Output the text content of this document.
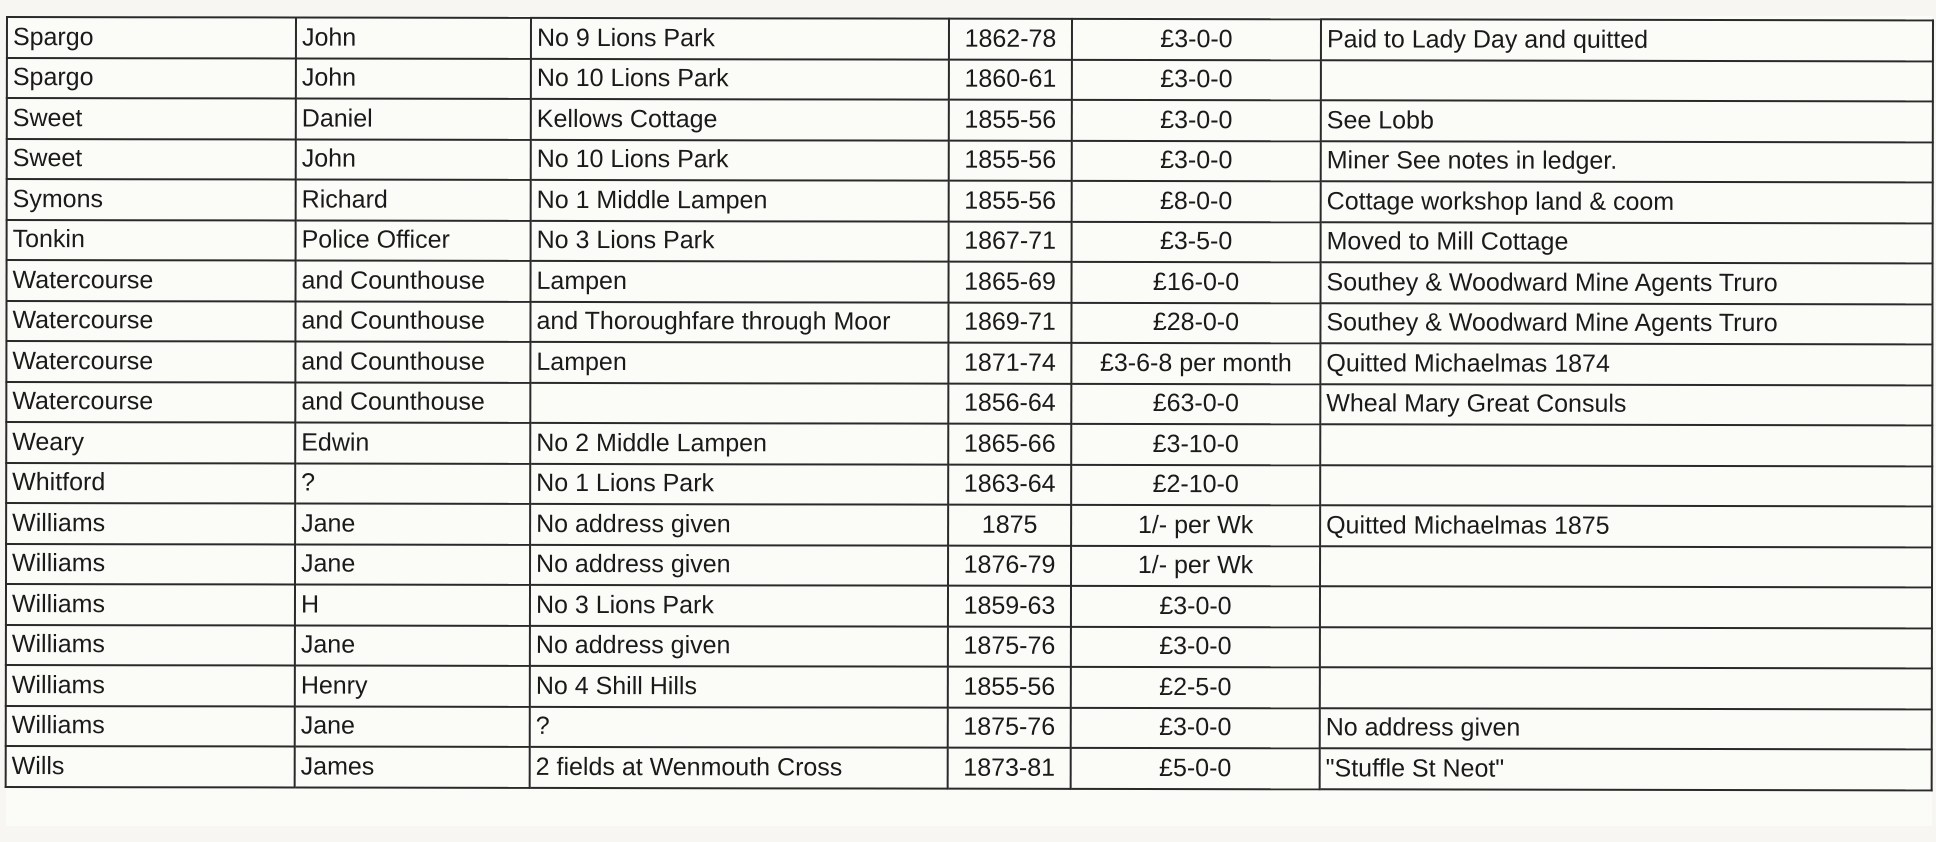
Spargo	John	No 9 Lions Park	1862-78	£3-0-0	Paid to Lady Day and quitted
Spargo	John	No 10 Lions Park	1860-61	£3-0-0	
Sweet	Daniel	Kellows Cottage	1855-56	£3-0-0	See Lobb
Sweet	John	No 10 Lions Park	1855-56	£3-0-0	Miner See notes in ledger.
Symons	Richard	No 1 Middle Lampen	1855-56	£8-0-0	Cottage workshop land & coom
Tonkin	Police Officer	No 3 Lions Park	1867-71	£3-5-0	Moved to Mill Cottage
Watercourse	and Counthouse	Lampen	1865-69	£16-0-0	Southey & Woodward Mine Agents Truro
Watercourse	and Counthouse	and Thoroughfare through Moor	1869-71	£28-0-0	Southey & Woodward Mine Agents Truro
Watercourse	and Counthouse	Lampen	1871-74	£3-6-8 per month	Quitted Michaelmas 1874
Watercourse	and Counthouse		1856-64	£63-0-0	Wheal Mary Great Consuls
Weary	Edwin	No 2 Middle Lampen	1865-66	£3-10-0	
Whitford	?	No 1 Lions Park	1863-64	£2-10-0	
Williams	Jane	No address given	1875	1/- per Wk	Quitted Michaelmas 1875
Williams	Jane	No address given	1876-79	1/- per Wk	
Williams	H	No 3 Lions Park	1859-63	£3-0-0	
Williams	Jane	No address given	1875-76	£3-0-0	
Williams	Henry	No 4 Shill Hills	1855-56	£2-5-0	
Williams	Jane	?	1875-76	£3-0-0	No address given
Wills	James	2 fields at Wenmouth Cross	1873-81	£5-0-0	"Stuffle St Neot"
